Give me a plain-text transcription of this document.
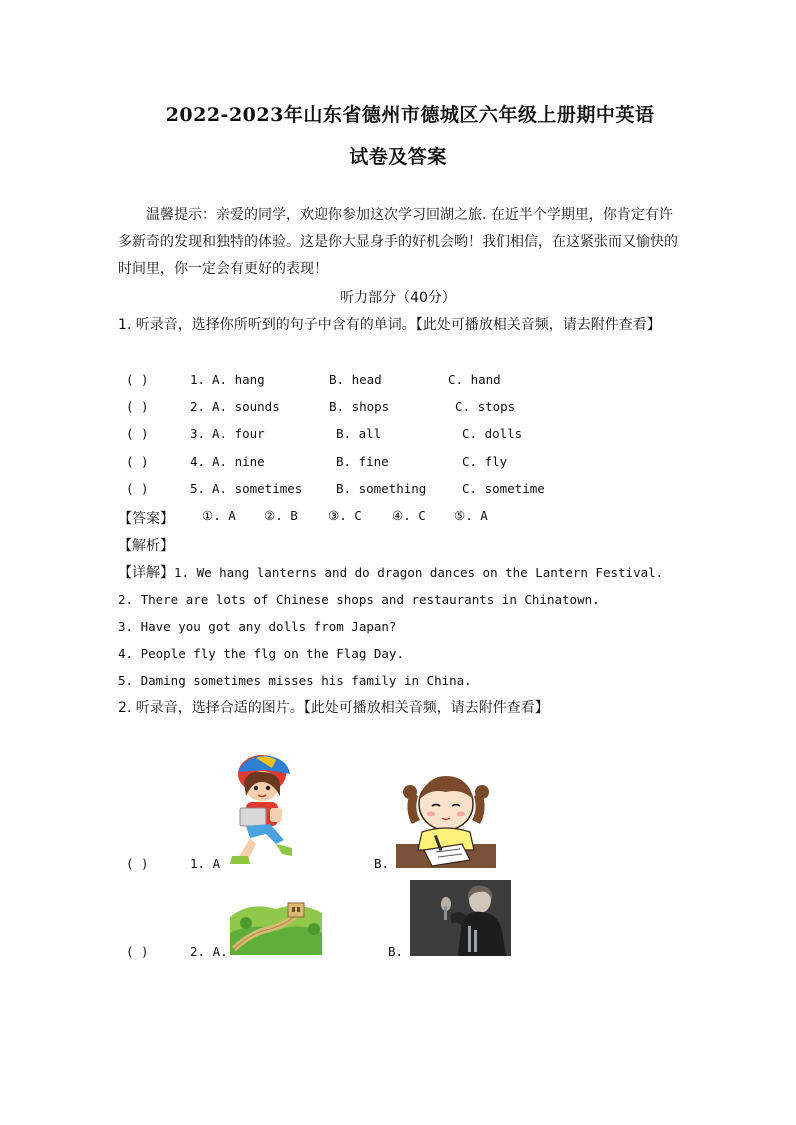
2022-2023年山东省德州市德城区六年级上册期中英语
试卷及答案
温馨提示：亲爱的同学，欢迎你参加这次学习回湖之旅. 在近半个学期里，你肯定有许多新奇的发现和独特的体验。这是你大显身手的好机会哟！我们相信，在这紧张而又愉快的时间里，你一定会有更好的表现！
听力部分（40分）
1. 听录音，选择你所听到的句子中含有的单词。【此处可播放相关音频，请去附件查看】
( )	1. A. hang	B. head	C. hand
( )	2. A. sounds	B. shops	C. stops
( )	3. A. four	B. all	C. dolls
( )	4. A. nine	B. fine	C. fly
( )	5. A. sometimes	B. something	C. sometime
【答案】 ①. A ②. B ③. C ④. C ⑤. A
【解析】
【详解】1. We hang lanterns and do dragon dances on the Lantern Festival.
2. There are lots of Chinese shops and restaurants in Chinatown.
3. Have you got any dolls from Japan?
4. People fly the flg on the Flag Day.
5. Daming sometimes misses his family in China.
2. 听录音，选择合适的图片。【此处可播放相关音频，请去附件查看】
( )	1. A	B.
( )	2. A.	B.
